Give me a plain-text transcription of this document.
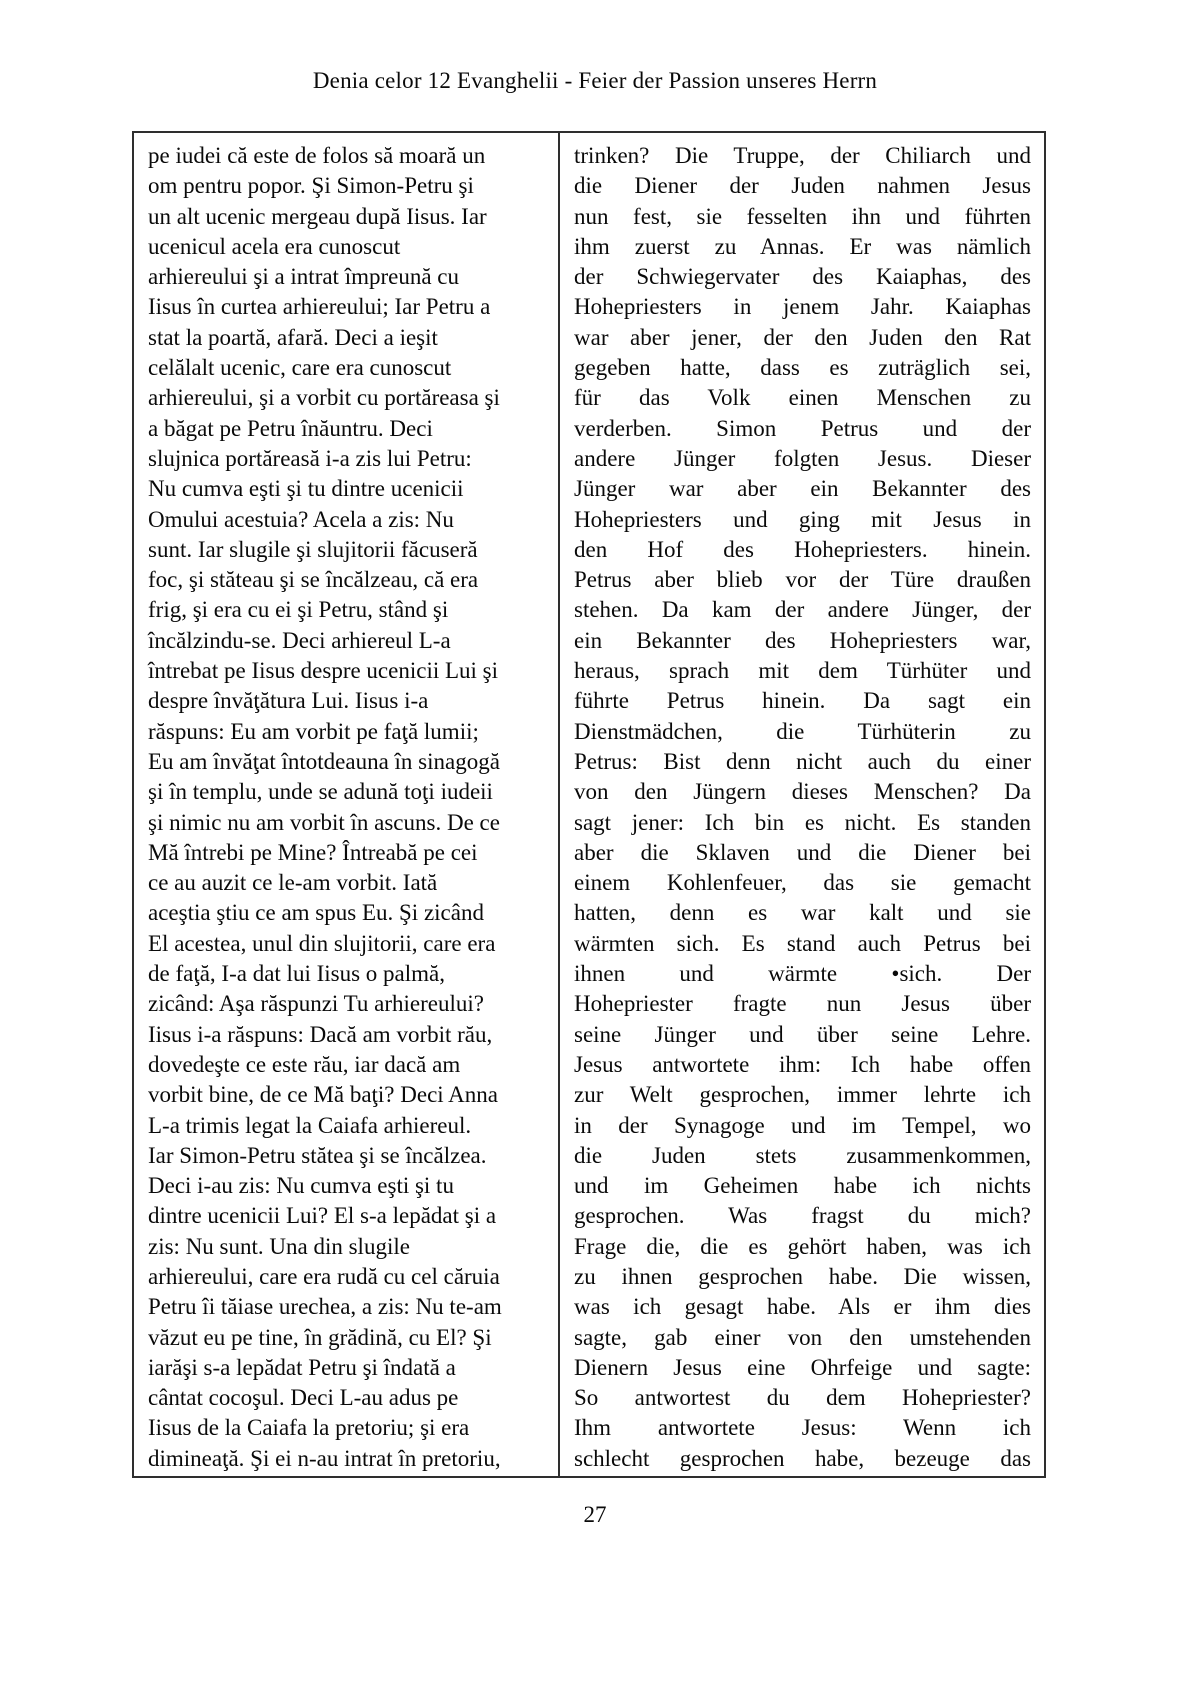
Denia celor 12 Evanghelii - Feier der Passion unseres Herrn
pe iudei că este de folos să moară un
om pentru popor. Şi Simon-Petru şi
un alt ucenic mergeau după Iisus. Iar
ucenicul acela era cunoscut
arhiereului şi a intrat împreună cu
Iisus în curtea arhiereului; Iar Petru a
stat la poartă, afară. Deci a ieşit
celălalt ucenic, care era cunoscut
arhiereului, şi a vorbit cu portăreasa şi
a băgat pe Petru înăuntru. Deci
slujnica portăreasă i-a zis lui Petru:
Nu cumva eşti şi tu dintre ucenicii
Omului acestuia? Acela a zis: Nu
sunt. Iar slugile şi slujitorii făcuseră
foc, şi stăteau şi se încălzeau, că era
frig, şi era cu ei şi Petru, stând şi
încălzindu-se. Deci arhiereul L-a
întrebat pe Iisus despre ucenicii Lui şi
despre învăţătura Lui. Iisus i-a
răspuns: Eu am vorbit pe faţă lumii;
Eu am învăţat întotdeauna în sinagogă
şi în templu, unde se adună toţi iudeii
şi nimic nu am vorbit în ascuns. De ce
Mă întrebi pe Mine? Întreabă pe cei
ce au auzit ce le-am vorbit. Iată
aceştia ştiu ce am spus Eu. Şi zicând
El acestea, unul din slujitorii, care era
de faţă, I-a dat lui Iisus o palmă,
zicând: Aşa răspunzi Tu arhiereului?
Iisus i-a răspuns: Dacă am vorbit rău,
dovedeşte ce este rău, iar dacă am
vorbit bine, de ce Mă baţi? Deci Anna
L-a trimis legat la Caiafa arhiereul.
Iar Simon-Petru stătea şi se încălzea.
Deci i-au zis: Nu cumva eşti şi tu
dintre ucenicii Lui? El s-a lepădat şi a
zis: Nu sunt. Una din slugile
arhiereului, care era rudă cu cel căruia
Petru îi tăiase urechea, a zis: Nu te-am
văzut eu pe tine, în grădină, cu El? Şi
iarăşi s-a lepădat Petru şi îndată a
cântat cocoşul. Deci L-au adus pe
Iisus de la Caiafa la pretoriu; şi era
dimineaţă. Şi ei n-au intrat în pretoriu,
trinken? Die Truppe, der Chiliarch und
die Diener der Juden nahmen Jesus
nun fest, sie fesselten ihn und führten
ihm zuerst zu Annas. Er was nämlich
der Schwiegervater des Kaiaphas, des
Hohepriesters in jenem Jahr. Kaiaphas
war aber jener, der den Juden den Rat
gegeben hatte, dass es zuträglich sei,
für das Volk einen Menschen zu
verderben. Simon Petrus und der
andere Jünger folgten Jesus. Dieser
Jünger war aber ein Bekannter des
Hohepriesters und ging mit Jesus in
den Hof des Hohepriesters. hinein.
Petrus aber blieb vor der Türe draußen
stehen. Da kam der andere Jünger, der
ein Bekannter des Hohepriesters war,
heraus, sprach mit dem Türhüter und
führte Petrus hinein. Da sagt ein
Dienstmädchen, die Türhüterin zu
Petrus: Bist denn nicht auch du einer
von den Jüngern dieses Menschen? Da
sagt jener: Ich bin es nicht. Es standen
aber die Sklaven und die Diener bei
einem Kohlenfeuer, das sie gemacht
hatten, denn es war kalt und sie
wärmten sich. Es stand auch Petrus bei
ihnen und wärmte •sich. Der
Hohepriester fragte nun Jesus über
seine Jünger und über seine Lehre.
Jesus antwortete ihm: Ich habe offen
zur Welt gesprochen, immer lehrte ich
in der Synagoge und im Tempel, wo
die Juden stets zusammenkommen,
und im Geheimen habe ich nichts
gesprochen. Was fragst du mich?
Frage die, die es gehört haben, was ich
zu ihnen gesprochen habe. Die wissen,
was ich gesagt habe. Als er ihm dies
sagte, gab einer von den umstehenden
Dienern Jesus eine Ohrfeige und sagte:
So antwortest du dem Hohepriester?
Ihm antwortete Jesus: Wenn ich
schlecht gesprochen habe, bezeuge das
27
